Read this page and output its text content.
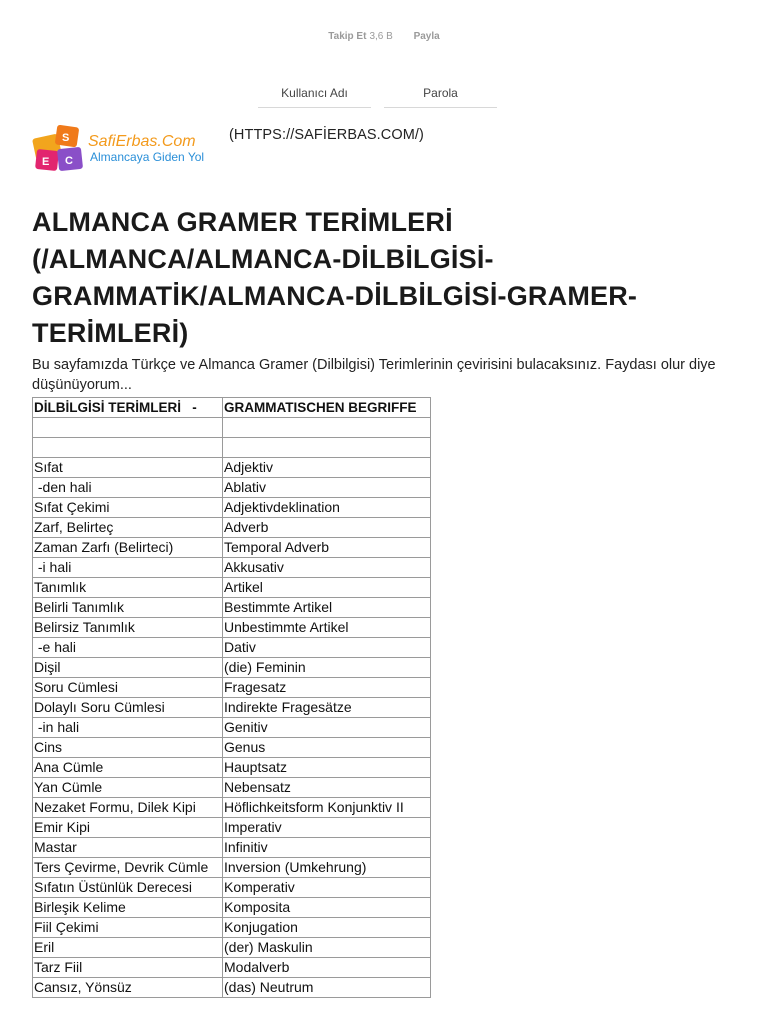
Takip Et 3,6 B Payla
Kullanıcı Adı	Parola
S
E C
SafiErbas.Com
Almancaya Giden Yol
(HTTPS://SAFİERBAS.COM/)
ALMANCA GRAMER TERİMLERİ (/ALMANCA/ALMANCA-DİLBİLGİSİ-GRAMMATİK/ALMANCA-DİLBİLGİSİ-GRAMER-TERİMLERİ)

Bu sayfamızda Türkçe ve Almanca Gramer (Dilbilgisi) Terimlerinin çevirisini bulacaksınız. Faydası olur diye düşünüyorum...

DİLBİLGİSİ TERİMLERİ   -	GRAMMATISCHEN BEGRIFFE

Sıfat	Adjektiv
-den hali	Ablativ
Sıfat Çekimi	Adjektivdeklination
Zarf, Belirteç	Adverb
Zaman Zarfı (Belirteci)	Temporal Adverb
-i hali	Akkusativ
Tanımlık	Artikel
Belirli Tanımlık	Bestimmte Artikel
Belirsiz Tanımlık	Unbestimmte Artikel
-e hali	Dativ
Dişil	(die) Feminin
Soru Cümlesi	Fragesatz
Dolaylı Soru Cümlesi	Indirekte Fragesätze
-in hali	Genitiv
Cins	Genus
Ana Cümle	Hauptsatz
Yan Cümle	Nebensatz
Nezaket Formu, Dilek Kipi	Höflichkeitsform Konjunktiv II
Emir Kipi	Imperativ
Mastar	Infinitiv
Ters Çevirme, Devrik Cümle	Inversion (Umkehrung)
Sıfatın Üstünlük Derecesi	Komperativ
Birleşik Kelime	Komposita
Fiil Çekimi	Konjugation
Eril	(der) Maskulin
Tarz Fiil	Modalverb
Cansız, Yönsüz	(das) Neutrum
